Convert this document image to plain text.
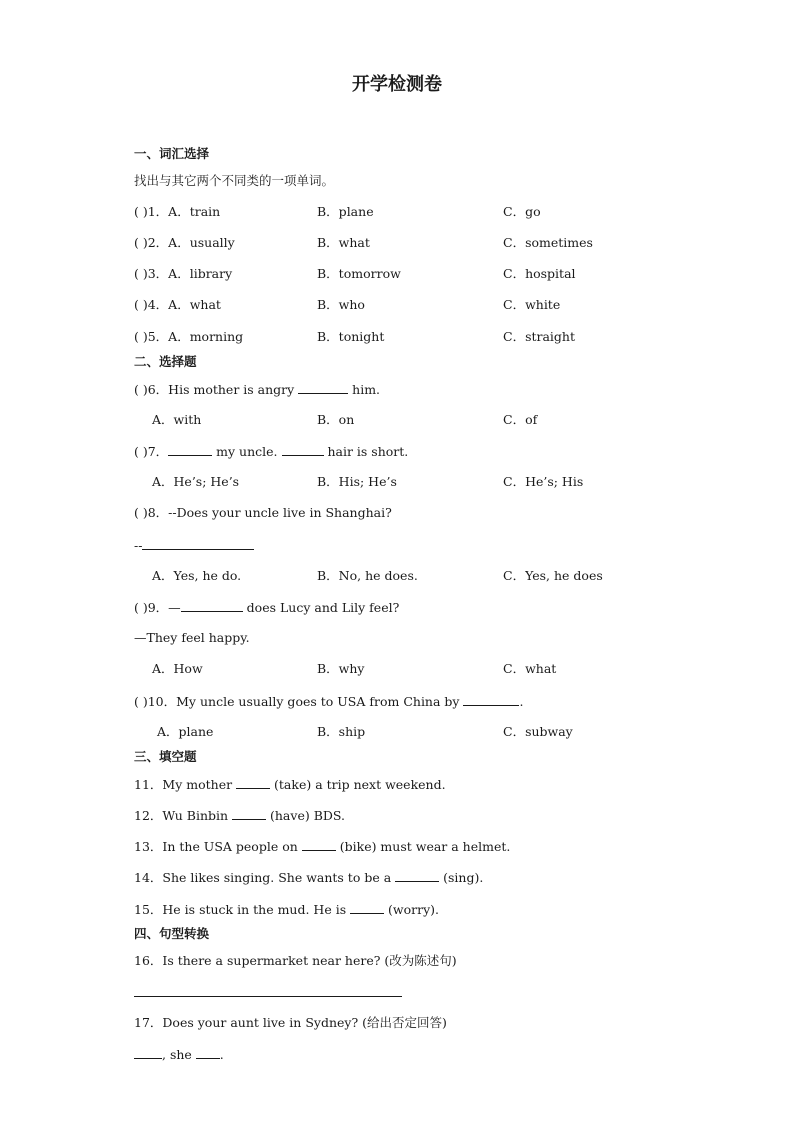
开学检测卷
一、词汇选择
找出与其它两个不同类的一项单词。
( )1．A．train	B．plane	C．go
( )2．A．usually	B．what	C．sometimes
( )3．A．library	B．tomorrow	C．hospital
( )4．A．what	B．who	C．white
( )5．A．morning	B．tonight	C．straight
二、选择题
( )6．His mother is angry	him.
A．with	B．on	C．of
( )7．	my uncle.	hair is short.
A．He’s; He’s	B．His; He’s	C．He’s; His
( )8．--Does your uncle live in Shanghai?
--
A．Yes, he do.	B．No, he does.	C．Yes, he does
( )9．—	does Lucy and Lily feel?
—They feel happy.
A．How	B．why	C．what
( )10．My uncle usually goes to USA from China by	.
A．plane	B．ship	C．subway
三、填空题
11．My mother	(take) a trip next weekend.
12．Wu Binbin	(have) BDS.
13．In the USA people on	(bike) must wear a helmet.
14．She likes singing. She wants to be a	(sing).
15．He is stuck in the mud. He is	(worry).
四、句型转换
16．Is there a supermarket near here? (改为陈述句)
17．Does your aunt live in Sydney? (给出否定回答)
, she .
